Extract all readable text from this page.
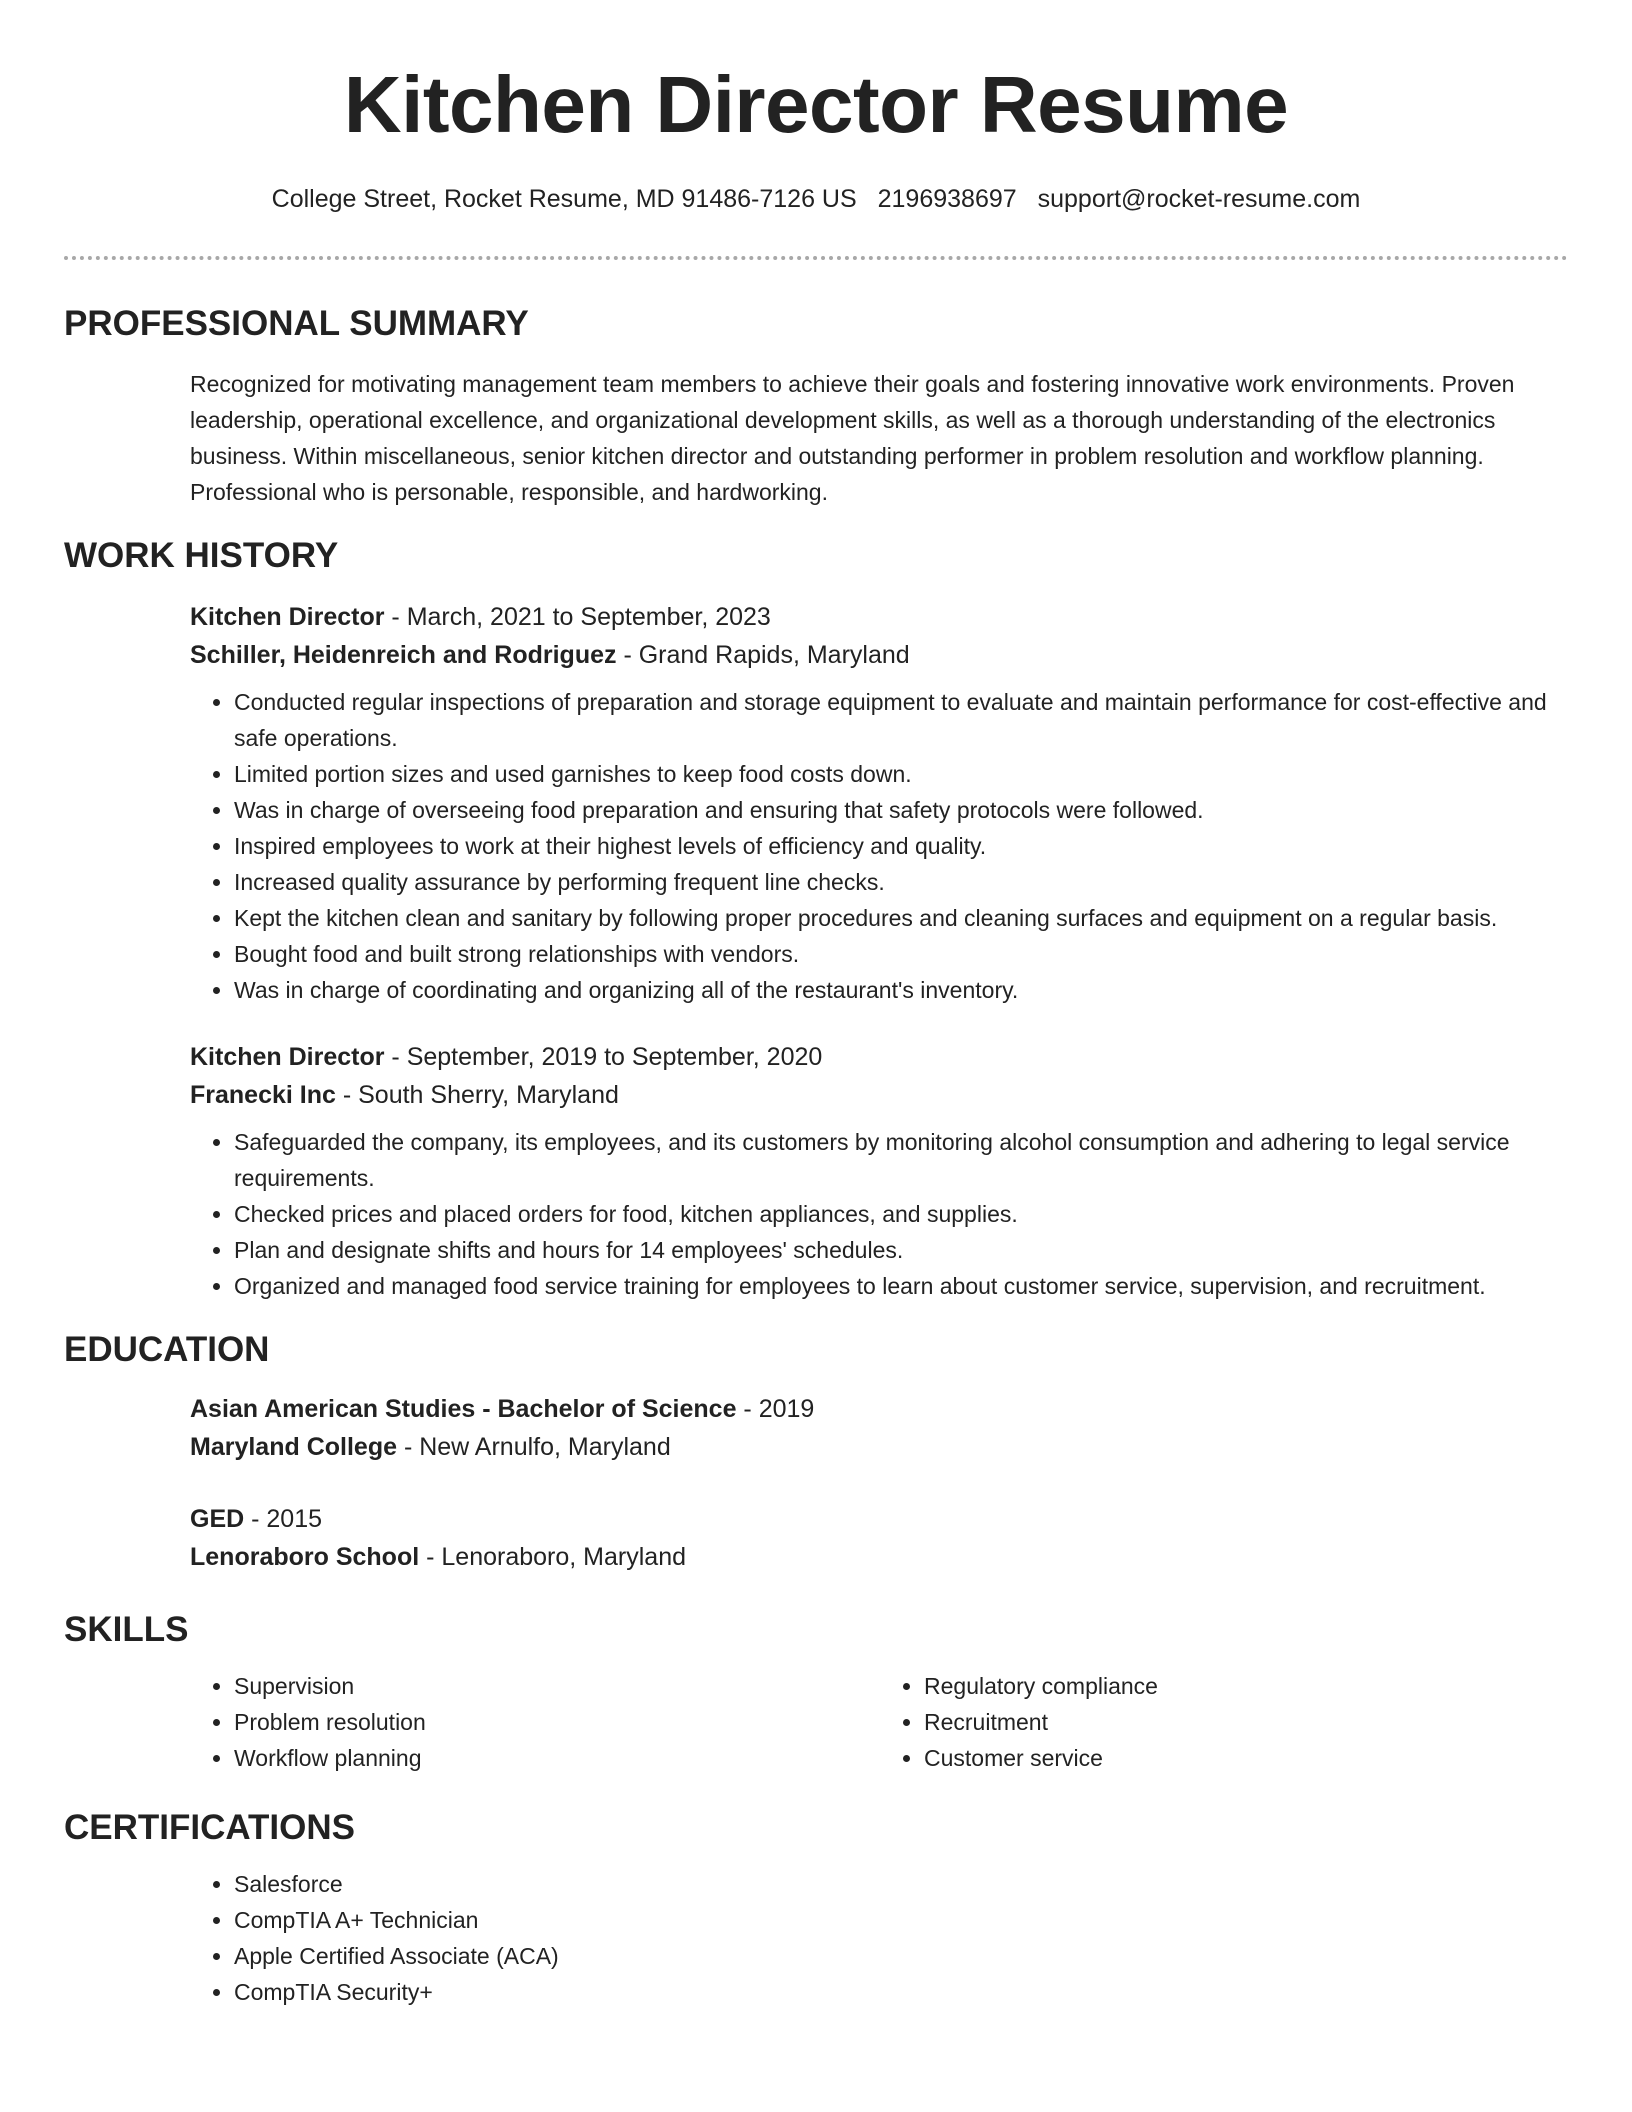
Kitchen Director Resume
College Street, Rocket Resume, MD 91486-7126 US 2196938697 support@rocket-resume.com
PROFESSIONAL SUMMARY

Recognized for motivating management team members to achieve their goals and fostering innovative work environments. Proven leadership, operational excellence, and organizational development skills, as well as a thorough understanding of the electronics business. Within miscellaneous, senior kitchen director and outstanding performer in problem resolution and workflow planning. Professional who is personable, responsible, and hardworking.

WORK HISTORY
Kitchen Director - March, 2021 to September, 2023
Schiller, Heidenreich and Rodriguez - Grand Rapids, Maryland
• Conducted regular inspections of preparation and storage equipment to evaluate and maintain performance for cost-effective and safe operations.
• Limited portion sizes and used garnishes to keep food costs down.
• Was in charge of overseeing food preparation and ensuring that safety protocols were followed.
• Inspired employees to work at their highest levels of efficiency and quality.
• Increased quality assurance by performing frequent line checks.
• Kept the kitchen clean and sanitary by following proper procedures and cleaning surfaces and equipment on a regular basis.
• Bought food and built strong relationships with vendors.
• Was in charge of coordinating and organizing all of the restaurant's inventory.
Kitchen Director - September, 2019 to September, 2020
Franecki Inc - South Sherry, Maryland
• Safeguarded the company, its employees, and its customers by monitoring alcohol consumption and adhering to legal service requirements.
• Checked prices and placed orders for food, kitchen appliances, and supplies.
• Plan and designate shifts and hours for 14 employees' schedules.
• Organized and managed food service training for employees to learn about customer service, supervision, and recruitment.
EDUCATION
Asian American Studies - Bachelor of Science - 2019
Maryland College - New Arnulfo, Maryland
GED - 2015
Lenoraboro School - Lenoraboro, Maryland
SKILLS
• Supervision
• Problem resolution
• Workflow planning
• Regulatory compliance
• Recruitment
• Customer service
CERTIFICATIONS
• Salesforce
• CompTIA A+ Technician
• Apple Certified Associate (ACA)
• CompTIA Security+
